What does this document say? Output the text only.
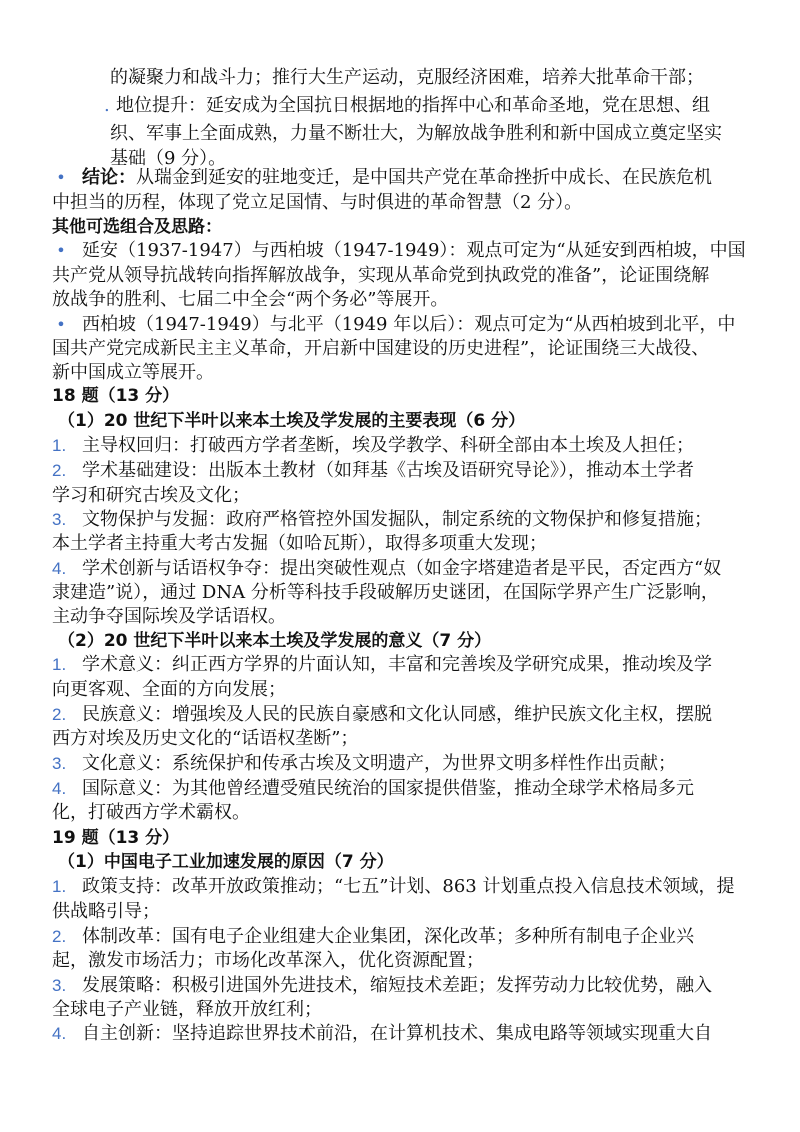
的凝聚力和战斗力；推行大生产运动，克服经济困难，培养大批革命干部；
. 地位提升：延安成为全国抗日根据地的指挥中心和革命圣地，党在思想、组
织、军事上全面成熟，力量不断壮大，为解放战争胜利和新中国成立奠定坚实
基础（9 分）。
• 结论：从瑞金到延安的驻地变迁，是中国共产党在革命挫折中成长、在民族危机
中担当的历程，体现了党立足国情、与时俱进的革命智慧（2 分）。
其他可选组合及思路：
• 延安（1937-1947）与西柏坡（1947-1949）：观点可定为“从延安到西柏坡，中国
共产党从领导抗战转向指挥解放战争，实现从革命党到执政党的准备”，论证围绕解
放战争的胜利、七届二中全会“两个务必”等展开。
• 西柏坡（1947-1949）与北平（1949 年以后）：观点可定为“从西柏坡到北平，中
国共产党完成新民主主义革命，开启新中国建设的历史进程”，论证围绕三大战役、
新中国成立等展开。
18 题（13 分）
（1）20 世纪下半叶以来本土埃及学发展的主要表现（6 分）
1. 主导权回归：打破西方学者垄断，埃及学教学、科研全部由本土埃及人担任；
2. 学术基础建设：出版本土教材（如拜基《古埃及语研究导论》），推动本土学者
学习和研究古埃及文化；
3. 文物保护与发掘：政府严格管控外国发掘队，制定系统的文物保护和修复措施；
本土学者主持重大考古发掘（如哈瓦斯），取得多项重大发现；
4. 学术创新与话语权争夺：提出突破性观点（如金字塔建造者是平民，否定西方“奴
隶建造”说），通过 DNA 分析等科技手段破解历史谜团，在国际学界产生广泛影响，
主动争夺国际埃及学话语权。
（2）20 世纪下半叶以来本土埃及学发展的意义（7 分）
1. 学术意义：纠正西方学界的片面认知，丰富和完善埃及学研究成果，推动埃及学
向更客观、全面的方向发展；
2. 民族意义：增强埃及人民的民族自豪感和文化认同感，维护民族文化主权，摆脱
西方对埃及历史文化的“话语权垄断”；
3. 文化意义：系统保护和传承古埃及文明遗产，为世界文明多样性作出贡献；
4. 国际意义：为其他曾经遭受殖民统治的国家提供借鉴，推动全球学术格局多元
化，打破西方学术霸权。
19 题（13 分）
（1）中国电子工业加速发展的原因（7 分）
1. 政策支持：改革开放政策推动；“七五”计划、863 计划重点投入信息技术领域，提
供战略引导；
2. 体制改革：国有电子企业组建大企业集团，深化改革；多种所有制电子企业兴
起，激发市场活力；市场化改革深入，优化资源配置；
3. 发展策略：积极引进国外先进技术，缩短技术差距；发挥劳动力比较优势，融入
全球电子产业链，释放开放红利；
4. 自主创新：坚持追踪世界技术前沿，在计算机技术、集成电路等领域实现重大自
